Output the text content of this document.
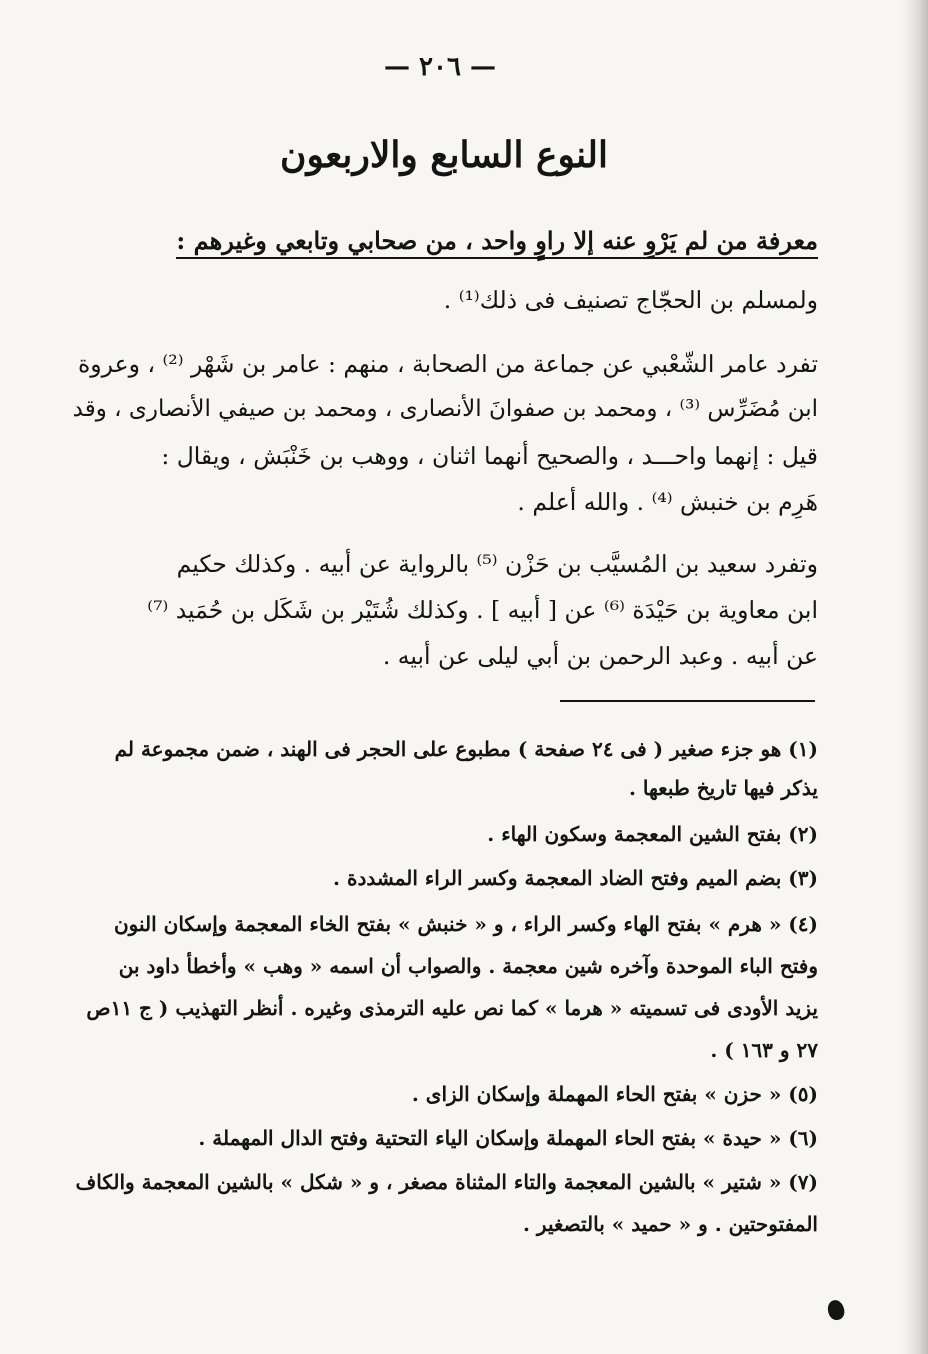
— ٢٠٦ —
النوع السابع والاربعون
معرفة من لم يَرْوِ عنه إلا راوٍ واحد ، من صحابي وتابعي وغيرهم :
ولمسلم بن الحجّاج تصنيف فى ذلك⁽¹⁾ .
تفرد عامر الشّعْبي عن جماعة من الصحابة ، منهم : عامر بن شَهْر ⁽²⁾ ، وعروة
ابن مُضَرِّس ⁽³⁾ ، ومحمد بن صفوانَ الأنصارى ، ومحمد بن صيفي الأنصارى ، وقد
قيل : إنهما واحـــد ، والصحيح أنهما اثنان ، ووهب بن خَنْبَش ، ويقال :
هَرِم بن خنبش ⁽⁴⁾ . والله أعلم .
وتفرد سعيد بن المُسيَّب بن حَزْن ⁽⁵⁾ بالرواية عن أبيه . وكذلك حكيم
ابن معاوية بن حَيْدَة ⁽⁶⁾ عن [ أبيه ] . وكذلك شُتَيْر بن شَكَل بن حُمَيد ⁽⁷⁾
عن أبيه . وعبد الرحمن بن أبي ليلى عن أبيه .
(١) هو جزء صغير ( فى ٢٤ صفحة ) مطبوع على الحجر فى الهند ، ضمن مجموعة لم
يذكر فيها تاريخ طبعها .
(٢) بفتح الشين المعجمة وسكون الهاء .
(٣) بضم الميم وفتح الضاد المعجمة وكسر الراء المشددة .
(٤) « هرم » بفتح الهاء وكسر الراء ، و « خنبش » بفتح الخاء المعجمة وإسكان النون
وفتح الباء الموحدة وآخره شين معجمة . والصواب أن اسمه « وهب » وأخطأ داود بن
يزيد الأودى فى تسميته « هرما » كما نص عليه الترمذى وغيره . أنظر التهذيب ( ج ١١ص
٢٧ و ١٦٣ ) .
(٥) « حزن » بفتح الحاء المهملة وإسكان الزاى .
(٦) « حيدة » بفتح الحاء المهملة وإسكان الياء التحتية وفتح الدال المهملة .
(٧) « شتير » بالشين المعجمة والتاء المثناة مصغر ، و « شكل » بالشين المعجمة والكاف
المفتوحتين . و « حميد » بالتصغير .
